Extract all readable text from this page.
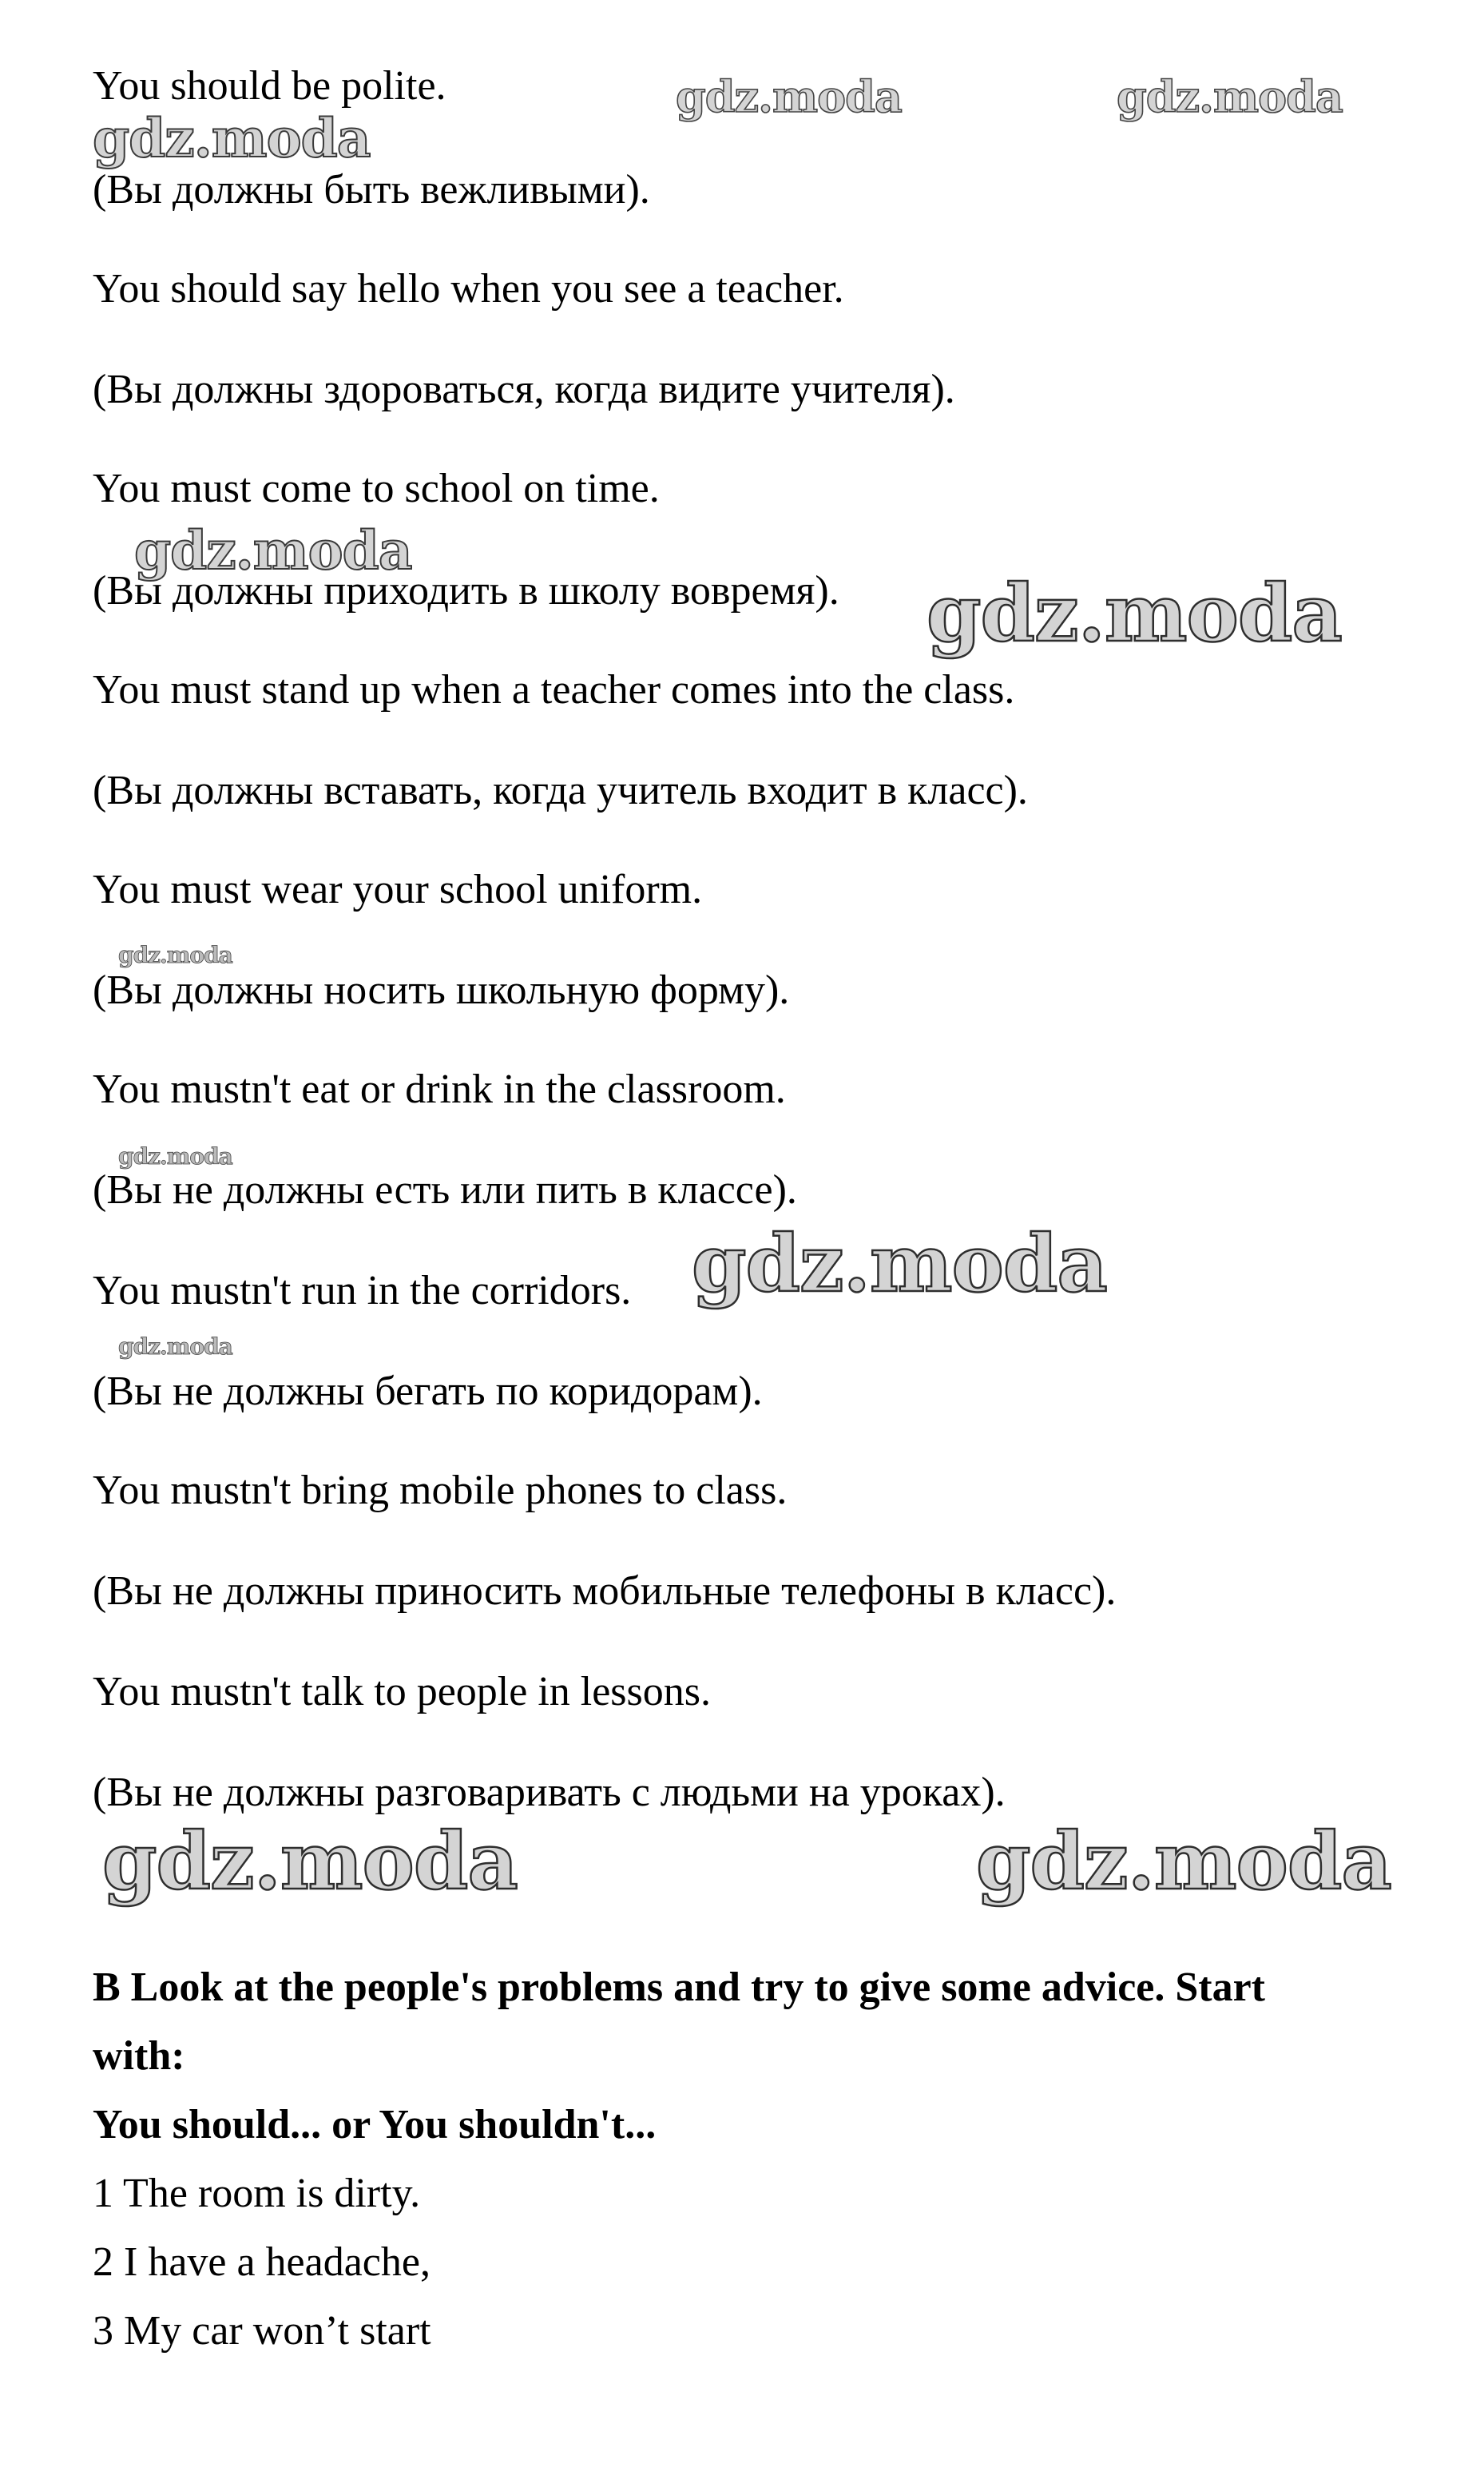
gdz.moda	gdz.moda
gdz.moda
gdz.moda
gdz.moda
gdz.moda
gdz.moda
gdz.moda
gdz.moda
gdz.moda	gdz.moda
You should be polite.
(Вы должны быть вежливыми).
You should say hello when you see a teacher.
(Вы должны здороваться, когда видите учителя).
You must come to school on time.
(Вы должны приходить в школу вовремя).
You must stand up when a teacher comes into the class.
(Вы должны вставать, когда учитель входит в класс).
You must wear your school uniform.
(Вы должны носить школьную форму).
You mustn't eat or drink in the classroom.
(Вы не должны есть или пить в классе).
You mustn't run in the corridors.
(Вы не должны бегать по коридорам).
You mustn't bring mobile phones to class.
(Вы не должны приносить мобильные телефоны в класс).
You mustn't talk to people in lessons.
(Вы не должны разговаривать с людьми на уроках).
B Look at the people's problems and try to give some advice. Start
with:
You should... or You shouldn't...
1 The room is dirty.
2 I have a headache,
3 My car won’t start
